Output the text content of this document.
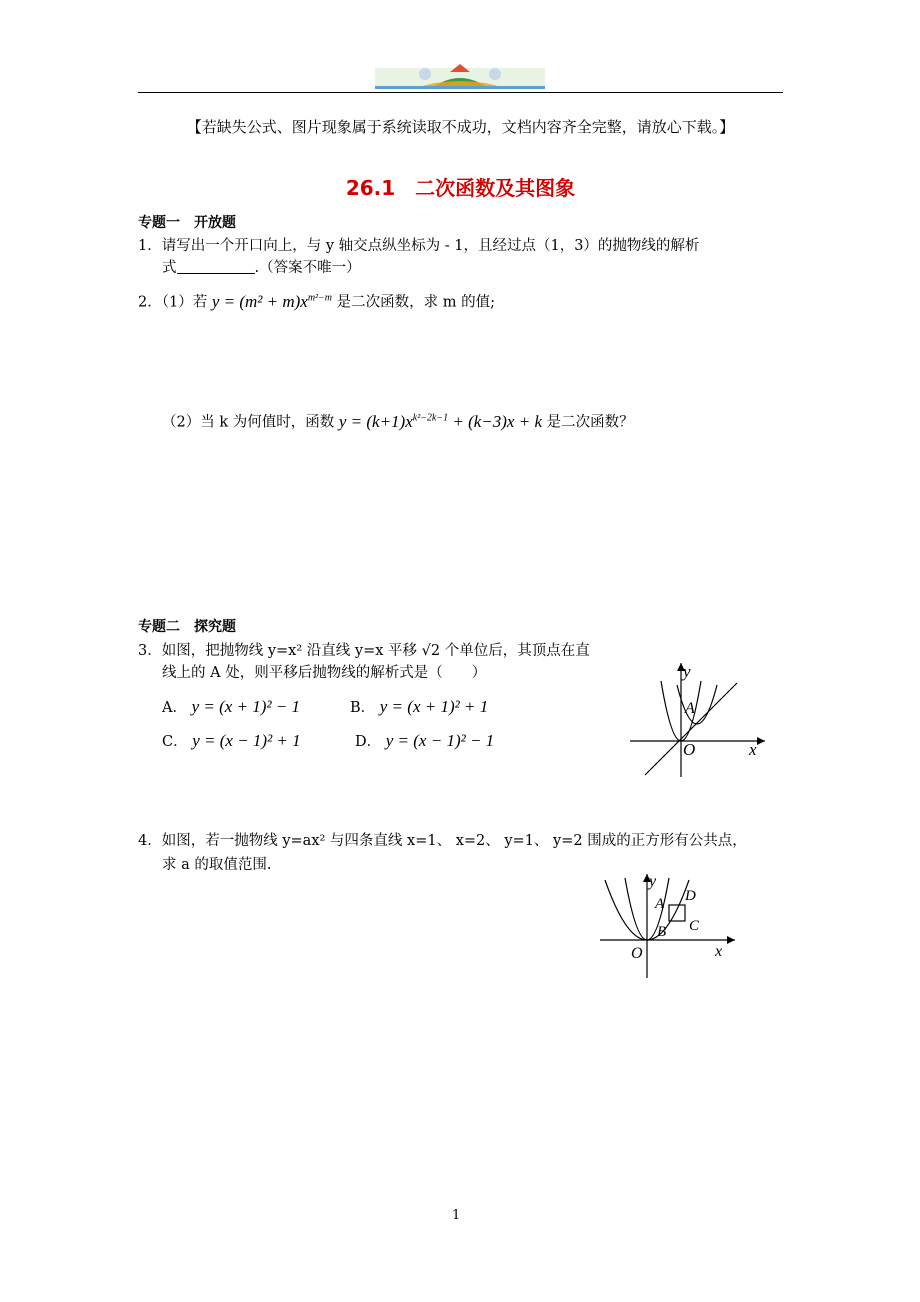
【若缺失公式、图片现象属于系统读取不成功，文档内容齐全完整，请放心下载。】
26.1　二次函数及其图象
专题一　开放题
1．请写出一个开口向上，与 y 轴交点纵坐标为 - 1，且经过点（1，3）的抛物线的解析
式	.（答案不唯一）
2．（1）若 $y = (m^2 + m)x^{m^2-m}$ 是二次函数，求 m 的值;
（2）当 k 为何值时，函数 $y = (k+1)x^{k^2-2k-1} + (k-3)x + k$ 是二次函数？
专题二　探究题
3．如图，把抛物线 y=x² 沿直线 y=x 平移 √2 个单位后，其顶点在直
线上的 A 处，则平移后抛物线的解析式是（　　）
A． y = (x + 1)² − 1	B． y = (x + 1)² + 1
C． y = (x − 1)² + 1	D． y = (x − 1)² − 1
y
x
O
A
4．如图，若一抛物线 y=ax² 与四条直线 x=1、 x=2、 y=1、 y=2 围成的正方形有公共点，
求 a 的取值范围.
y
x
O
A
B C
D
1
